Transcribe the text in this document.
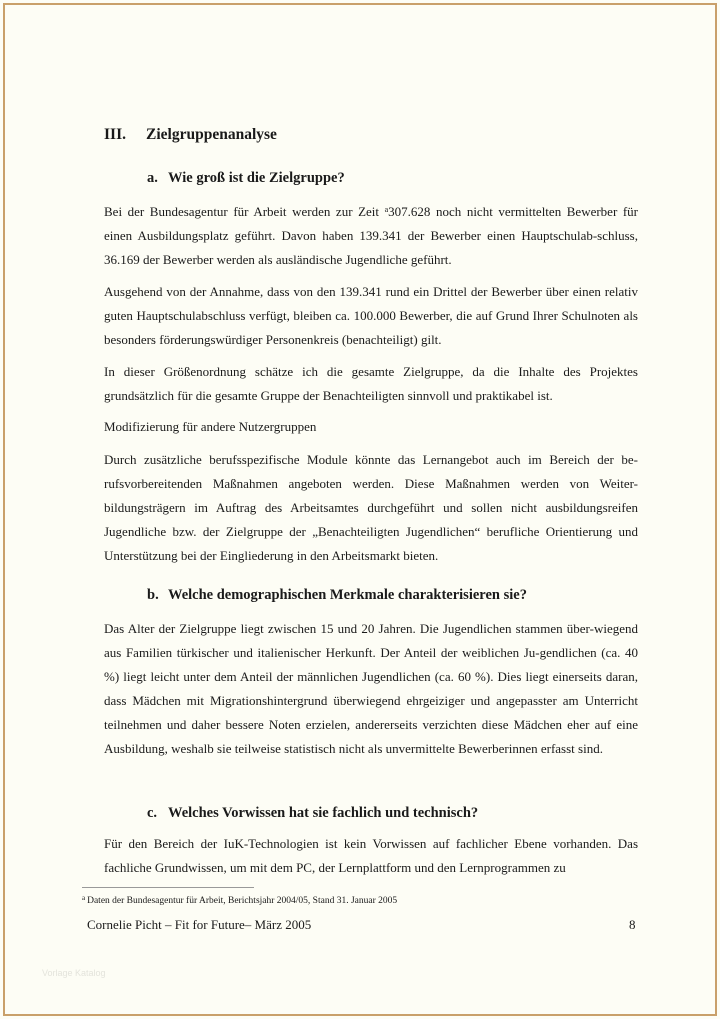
III. Zielgruppenanalyse
a. Wie groß ist die Zielgruppe?
Bei der Bundesagentur für Arbeit werden zur Zeit $^a$307.628 noch nicht vermittelten Bewerber für einen Ausbildungsplatz geführt. Davon haben 139.341 der Bewerber einen Hauptschulab-schluss, 36.169 der Bewerber werden als ausländische Jugendliche geführt.
Ausgehend von der Annahme, dass von den 139.341 rund ein Drittel der Bewerber über einen relativ guten Hauptschulabschluss verfügt, bleiben ca. 100.000 Bewerber, die auf Grund Ihrer Schulnoten als besonders förderungswürdiger Personenkreis (benachteiligt) gilt.
In dieser Größenordnung schätze ich die gesamte Zielgruppe, da die Inhalte des Projektes grundsätzlich für die gesamte Gruppe der Benachteiligten sinnvoll und praktikabel ist.
Modifizierung für andere Nutzergruppen
Durch zusätzliche berufsspezifische Module könnte das Lernangebot auch im Bereich der be-rufsvorbereitenden Maßnahmen angeboten werden. Diese Maßnahmen werden von Weiter-bildungsträgern im Auftrag des Arbeitsamtes durchgeführt und sollen nicht ausbildungsreifen Jugendliche bzw. der Zielgruppe der „Benachteiligten Jugendlichen“ berufliche Orientierung und Unterstützung bei der Eingliederung in den Arbeitsmarkt bieten.
b. Welche demographischen Merkmale charakterisieren sie?
Das Alter der Zielgruppe liegt zwischen 15 und 20 Jahren. Die Jugendlichen stammen über-wiegend aus Familien türkischer und italienischer Herkunft. Der Anteil der weiblichen Ju-gendlichen (ca. 40 %) liegt leicht unter dem Anteil der männlichen Jugendlichen (ca. 60 %). Dies liegt einerseits daran, dass Mädchen mit Migrationshintergrund überwiegend ehrgeiziger und angepasster am Unterricht teilnehmen und daher bessere Noten erzielen, andererseits verzichten diese Mädchen eher auf eine Ausbildung, weshalb sie teilweise statistisch nicht als unvermittelte Bewerberinnen erfasst sind.
c. Welches Vorwissen hat sie fachlich und technisch?
Für den Bereich der IuK-Technologien ist kein Vorwissen auf fachlicher Ebene vorhanden. Das fachliche Grundwissen, um mit dem PC, der Lernplattform und den Lernprogrammen zu
$^a$ Daten der Bundesagentur für Arbeit, Berichtsjahr 2004/05, Stand 31. Januar 2005
Cornelie Picht – Fit for Future– März 2005	8
Vorlage Katalog
